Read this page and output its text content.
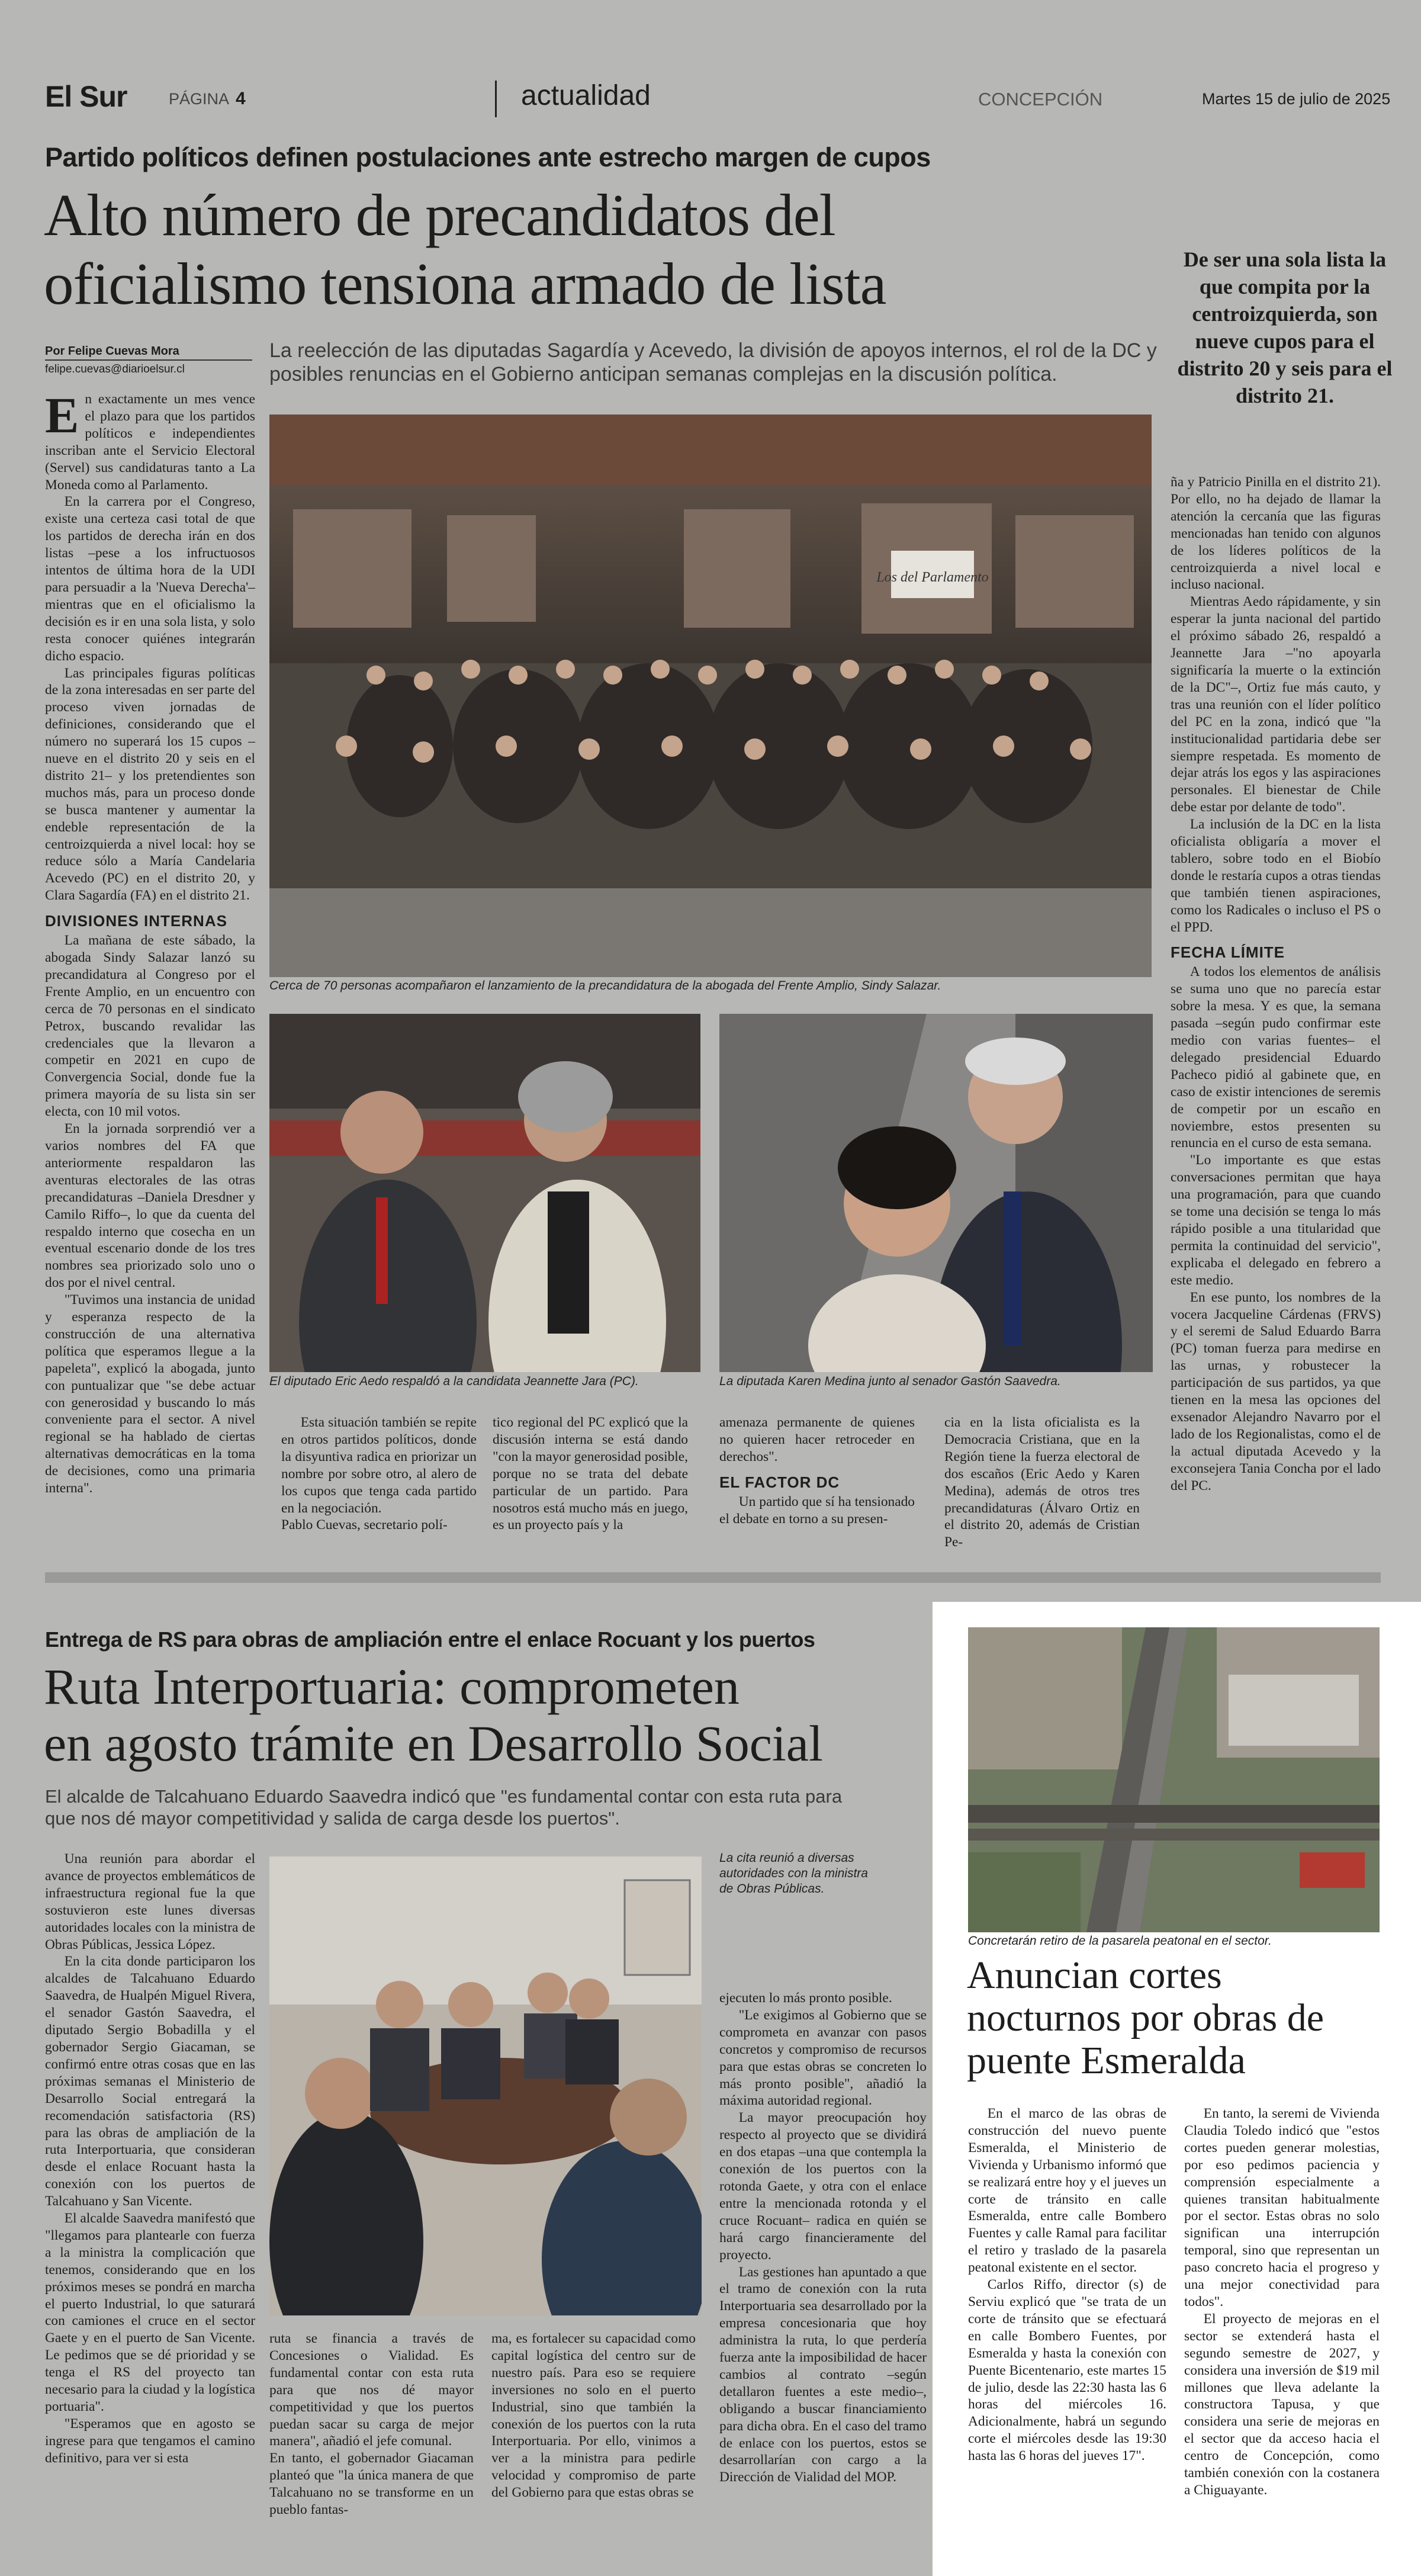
El Sur	PÁGINA 4	actualidad	CONCEPCIÓN	Martes 15 de julio de 2025
Partido políticos definen postulaciones ante estrecho margen de cupos
Alto número de precandidatos del
oficialismo tensiona armado de lista	De ser una sola lista la que compita por la centroizquierda, son nueve cupos para el distrito 20 y seis para el distrito 21.
Por Felipe Cuevas Mora
felipe.cuevas@diarioelsur.cl
La reelección de las diputadas Sagardía y Acevedo, la división de apoyos internos, el rol de la DC y posibles renuncias en el Gobierno anticipan semanas complejas en la discusión política.

En exactamente un mes vence el plazo para que los partidos políticos e independientes inscriban ante el Servicio Electoral (Servel) sus candidaturas tanto a La Moneda como al Parlamento.

En la carrera por el Congreso, existe una certeza casi total de que los partidos de derecha irán en dos listas –pese a los infructuosos intentos de última hora de la UDI para persuadir a la 'Nueva Derecha'– mientras que en el oficialismo la decisión es ir en una sola lista, y solo resta conocer quiénes integrarán dicho espacio.

Las principales figuras políticas de la zona interesadas en ser parte del proceso viven jornadas de definiciones, considerando que el número no superará los 15 cupos –nueve en el distrito 20 y seis en el distrito 21– y los pretendientes son muchos más, para un proceso donde se busca mantener y aumentar la endeble representación de la centroizquierda a nivel local: hoy se reduce sólo a María Candelaria Acevedo (PC) en el distrito 20, y Clara Sagardía (FA) en el distrito 21.

DIVISIONES INTERNAS

La mañana de este sábado, la abogada Sindy Salazar lanzó su precandidatura al Congreso por el Frente Amplio, en un encuentro con cerca de 70 personas en el sindicato Petrox, buscando revalidar las credenciales que la llevaron a competir en 2021 en cupo de Convergencia Social, donde fue la primera mayoría de su lista sin ser electa, con 10 mil votos.

En la jornada sorprendió ver a varios nombres del FA que anteriormente respaldaron las aventuras electorales de las otras precandidaturas –Daniela Dresdner y Camilo Riffo–, lo que da cuenta del respaldo interno que cosecha en un eventual escenario donde de los tres nombres sea priorizado solo uno o dos por el nivel central.

"Tuvimos una instancia de unidad y esperanza respecto de la construcción de una alternativa política que esperamos llegue a la papeleta", explicó la abogada, junto con puntualizar que "se debe actuar con generosidad y buscando lo más conveniente para el sector. A nivel regional se ha hablado de ciertas alternativas democráticas en la toma de decisiones, como una primaria interna".

Los del Parlamento
Cerca de 70 personas acompañaron el lanzamiento de la precandidatura de la abogada del Frente Amplio, Sindy Salazar.
El diputado Eric Aedo respaldó a la candidata Jeannette Jara (PC).	La diputada Karen Medina junto al senador Gastón Saavedra.

Esta situación también se repite en otros partidos políticos, donde la disyuntiva radica en priorizar un nombre por sobre otro, al alero de los cupos que tenga cada partido en la negociación.
Pablo Cuevas, secretario polí-

tico regional del PC explicó que la discusión interna se está dando "con la mayor generosidad posible, porque no se trata del debate particular de un partido. Para nosotros está mucho más en juego, es un proyecto país y la

amenaza permanente de quienes no quieren hacer retroceder en derechos".

EL FACTOR DC

Un partido que sí ha tensionado el debate en torno a su presen-

cia en la lista oficialista es la Democracia Cristiana, que en la Región tiene la fuerza electoral de dos escaños (Eric Aedo y Karen Medina), además de otros tres precandidaturas (Álvaro Ortiz en el distrito 20, además de Cristian Pe-

ña y Patricio Pinilla en el distrito 21). Por ello, no ha dejado de llamar la atención la cercanía que las figuras mencionadas han tenido con algunos de los líderes políticos de la centroizquierda a nivel local e incluso nacional.

Mientras Aedo rápidamente, y sin esperar la junta nacional del partido el próximo sábado 26, respaldó a Jeannette Jara –"no apoyarla significaría la muerte o la extinción de la DC"–, Ortiz fue más cauto, y tras una reunión con el líder político del PC en la zona, indicó que "la institucionalidad partidaria debe ser siempre respetada. Es momento de dejar atrás los egos y las aspiraciones personales. El bienestar de Chile debe estar por delante de todo".

La inclusión de la DC en la lista oficialista obligaría a mover el tablero, sobre todo en el Biobío donde le restaría cupos a otras tiendas que también tienen aspiraciones, como los Radicales o incluso el PS o el PPD.

FECHA LÍMITE

A todos los elementos de análisis se suma uno que no parecía estar sobre la mesa. Y es que, la semana pasada –según pudo confirmar este medio con varias fuentes– el delegado presidencial Eduardo Pacheco pidió al gabinete que, en caso de existir intenciones de seremis de competir por un escaño en noviembre, estos presenten su renuncia en el curso de esta semana.

"Lo importante es que estas conversaciones permitan que haya una programación, para que cuando se tome una decisión se tenga lo más rápido posible a una titularidad que permita la continuidad del servicio", explicaba el delegado en febrero a este medio.

En ese punto, los nombres de la vocera Jacqueline Cárdenas (FRVS) y el seremi de Salud Eduardo Barra (PC) toman fuerza para medirse en las urnas, y robustecer la participación de sus partidos, ya que tienen en la mesa las opciones del exsenador Alejandro Navarro por el lado de los Regionalistas, como el de la actual diputada Acevedo y la exconsejera Tania Concha por el lado del PC.

Entrega de RS para obras de ampliación entre el enlace Rocuant y los puertos
Ruta Interportuaria: comprometen
en agosto trámite en Desarrollo Social
El alcalde de Talcahuano Eduardo Saavedra indicó que "es fundamental contar con esta ruta para que nos dé mayor competitividad y salida de carga desde los puertos".

Una reunión para abordar el avance de proyectos emblemáticos de infraestructura regional fue la que sostuvieron este lunes diversas autoridades locales con la ministra de Obras Públicas, Jessica López.

En la cita donde participaron los alcaldes de Talcahuano Eduardo Saavedra, de Hualpén Miguel Rivera, el senador Gastón Saavedra, el diputado Sergio Bobadilla y el gobernador Sergio Giacaman, se confirmó entre otras cosas que en las próximas semanas el Ministerio de Desarrollo Social entregará la recomendación satisfactoria (RS) para las obras de ampliación de la ruta Interportuaria, que consideran desde el enlace Rocuant hasta la conexión con los puertos de Talcahuano y San Vicente.

El alcalde Saavedra manifestó que "llegamos para plantearle con fuerza a la ministra la complicación que tenemos, considerando que en los próximos meses se pondrá en marcha el puerto Industrial, lo que saturará con camiones el cruce en el sector Gaete y en el puerto de San Vicente. Le pedimos que se dé prioridad y se tenga el RS del proyecto tan necesario para la ciudad y la logística portuaria".

"Esperamos que en agosto se ingrese para que tengamos el camino definitivo, para ver si esta

La cita reunió a diversas autoridades con la ministra de Obras Públicas.

ruta se financia a través de Concesiones o Vialidad. Es fundamental contar con esta ruta para que nos dé mayor competitividad y que los puertos puedan sacar su carga de mejor manera", añadió el jefe comunal.
En tanto, el gobernador Giacaman planteó que "la única manera de que Talcahuano no se transforme en un pueblo fantas-

ma, es fortalecer su capacidad como capital logística del centro sur de nuestro país. Para eso se requiere inversiones no solo en el puerto Industrial, sino que también la conexión de los puertos con la ruta Interportuaria. Por ello, vinimos a ver a la ministra para pedirle velocidad y compromiso de parte del Gobierno para que estas obras se

ejecuten lo más pronto posible.

"Le exigimos al Gobierno que se comprometa en avanzar con pasos concretos y compromiso de recursos para que estas obras se concreten lo más pronto posible", añadió la máxima autoridad regional.

La mayor preocupación hoy respecto al proyecto que se dividirá en dos etapas –una que contempla la conexión de los puertos con la rotonda Gaete, y otra con el enlace entre la mencionada rotonda y el cruce Rocuant– radica en quién se hará cargo financieramente del proyecto.

Las gestiones han apuntado a que el tramo de conexión con la ruta Interportuaria sea desarrollado por la empresa concesionaria que hoy administra la ruta, lo que perdería fuerza ante la imposibilidad de hacer cambios al contrato –según detallaron fuentes a este medio–, obligando a buscar financiamiento para dicha obra. En el caso del tramo de enlace con los puertos, estos se desarrollarían con cargo a la Dirección de Vialidad del MOP.

Concretarán retiro de la pasarela peatonal en el sector.
Anuncian cortes nocturnos por obras de puente Esmeralda

En el marco de las obras de construcción del nuevo puente Esmeralda, el Ministerio de Vivienda y Urbanismo informó que se realizará entre hoy y el jueves un corte de tránsito en calle Esmeralda, entre calle Bombero Fuentes y calle Ramal para facilitar el retiro y traslado de la pasarela peatonal existente en el sector.

Carlos Riffo, director (s) de Serviu explicó que "se trata de un corte de tránsito que se efectuará en calle Bombero Fuentes, por Esmeralda y hasta la conexión con Puente Bicentenario, este martes 15 de julio, desde las 22:30 hasta las 6 horas del miércoles 16. Adicionalmente, habrá un segundo corte el miércoles desde las 19:30 hasta las 6 horas del jueves 17".

En tanto, la seremi de Vivienda Claudia Toledo indicó que "estos cortes pueden generar molestias, por eso pedimos paciencia y comprensión especialmente a quienes transitan habitualmente por el sector. Estas obras no solo significan una interrupción temporal, sino que representan un paso concreto hacia el progreso y una mejor conectividad para todos".

El proyecto de mejoras en el sector se extenderá hasta el segundo semestre de 2027, y considera una inversión de $19 mil millones que lleva adelante la constructora Tapusa, y que considera una serie de mejoras en el sector que da acceso hacia el centro de Concepción, como también conexión con la costanera a Chiguayante.
